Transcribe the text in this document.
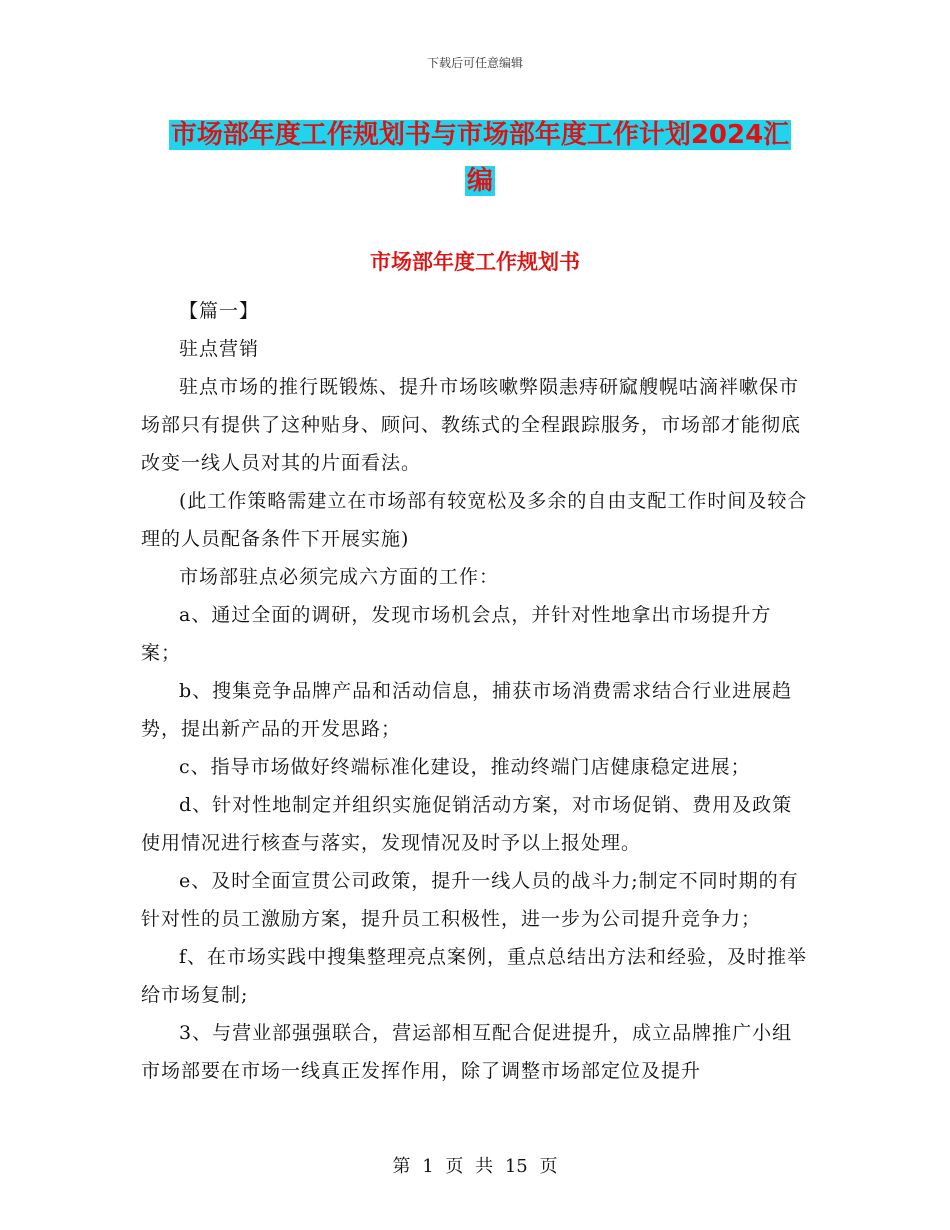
下载后可任意编辑
市场部年度工作规划书与市场部年度工作计划2024汇
编
市场部年度工作规划书

【篇一】

驻点营销

驻点市场的推行既锻炼、提升市场咳嗽弊陨恚痔研窳艘幌咕滴袢嗽保市场部只有提供了这种贴身、顾问、教练式的全程跟踪服务，市场部才能彻底改变一线人员对其的片面看法。

(此工作策略需建立在市场部有较宽松及多余的自由支配工作时间及较合理的人员配备条件下开展实施)

市场部驻点必须完成六方面的工作：

a、通过全面的调研，发现市场机会点，并针对性地拿出市场提升方案；

b、搜集竞争品牌产品和活动信息，捕获市场消费需求结合行业进展趋势，提出新产品的开发思路；

c、指导市场做好终端标准化建设，推动终端门店健康稳定进展；

d、针对性地制定并组织实施促销活动方案，对市场促销、费用及政策使用情况进行核查与落实，发现情况及时予以上报处理。

e、及时全面宣贯公司政策，提升一线人员的战斗力;制定不同时期的有针对性的员工激励方案，提升员工积极性，进一步为公司提升竞争力；

f、在市场实践中搜集整理亮点案例，重点总结出方法和经验，及时推举给市场复制;

3、与营业部强强联合，营运部相互配合促进提升，成立品牌推广小组市场部要在市场一线真正发挥作用，除了调整市场部定位及提升

第 1 页 共 15 页
